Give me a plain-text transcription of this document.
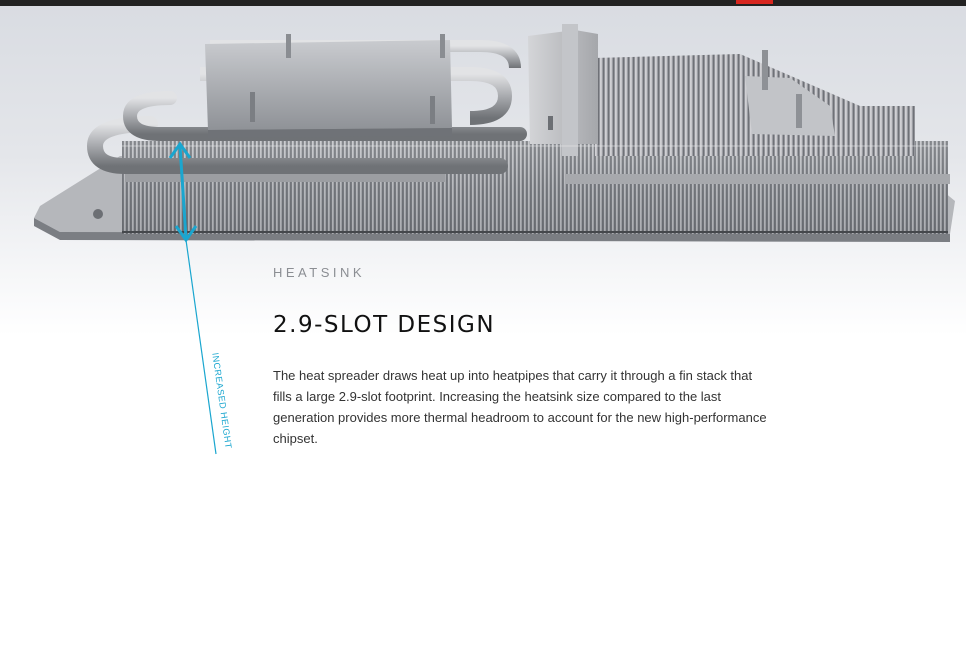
INCREASED HEIGHT
HEATSINK
2.9-SLOT DESIGN

The heat spreader draws heat up into heatpipes that carry it through a fin stack that fills a large 2.9-slot footprint. Increasing the heatsink size compared to the last generation provides more thermal headroom to account for the new high-performance chipset.
